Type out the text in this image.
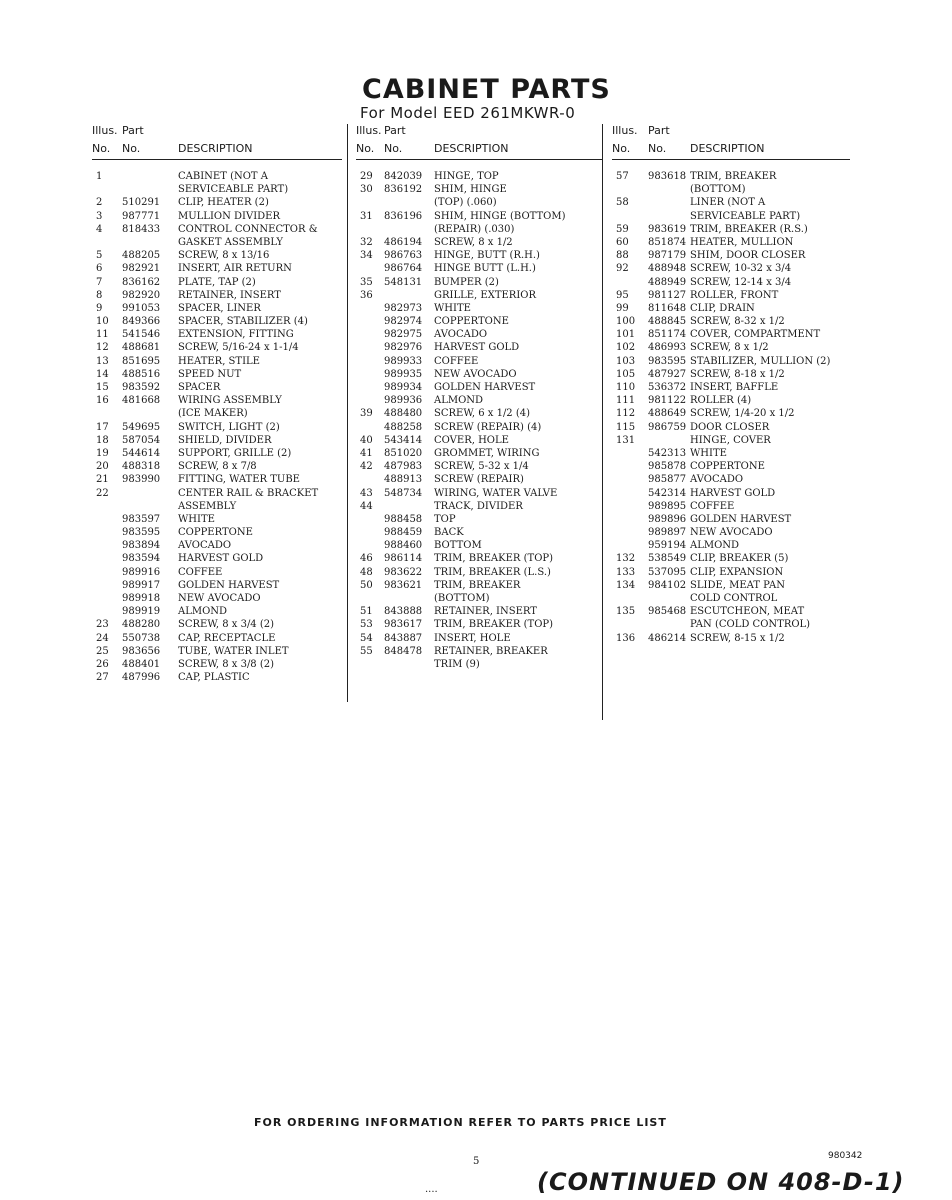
CABINET PARTS
For Model EED 261MKWR-0
Illus. Part
No. No.	DESCRIPTION
1	CABINET (NOT A
SERVICEABLE PART)
2 510291 CLIP, HEATER (2)
3 987771 MULLION DIVIDER
4 818433 CONTROL CONNECTOR &
GASKET ASSEMBLY
5 488205 SCREW, 8 x 13/16
6 982921 INSERT, AIR RETURN
7 836162 PLATE, TAP (2)
8 982920 RETAINER, INSERT
9 991053 SPACER, LINER
10 849366 SPACER, STABILIZER (4)
11 541546 EXTENSION, FITTING
12 488681 SCREW, 5/16-24 x 1-1/4
13 851695 HEATER, STILE
14 488516 SPEED NUT
15 983592 SPACER
16 481668 WIRING ASSEMBLY
(ICE MAKER)
17 549695 SWITCH, LIGHT (2)
18 587054 SHIELD, DIVIDER
19 544614 SUPPORT, GRILLE (2)
20 488318 SCREW, 8 x 7/8
21 983990 FITTING, WATER TUBE
22	CENTER RAIL & BRACKET
ASSEMBLY
983597 WHITE
983595 COPPERTONE
983894 AVOCADO
983594 HARVEST GOLD
989916 COFFEE
989917 GOLDEN HARVEST
989918 NEW AVOCADO
989919 ALMOND
23 488280 SCREW, 8 x 3/4 (2)
24 550738 CAP, RECEPTACLE
25 983656 TUBE, WATER INLET
26 488401 SCREW, 8 x 3/8 (2)
27 487996 CAP, PLASTIC
Illus. Part
No. No.	DESCRIPTION
29 842039 HINGE, TOP
30 836192 SHIM, HINGE
(TOP) (.060)
31 836196 SHIM, HINGE (BOTTOM)
(REPAIR) (.030)
32 486194 SCREW, 8 x 1/2
34 986763 HINGE, BUTT (R.H.)
986764 HINGE BUTT (L.H.)
35 548131 BUMPER (2)
36	GRILLE, EXTERIOR
982973 WHITE
982974 COPPERTONE
982975 AVOCADO
982976 HARVEST GOLD
989933 COFFEE
989935 NEW AVOCADO
989934 GOLDEN HARVEST
989936 ALMOND
39 488480 SCREW, 6 x 1/2 (4)
488258 SCREW (REPAIR) (4)
40 543414 COVER, HOLE
41 851020 GROMMET, WIRING
42 487983 SCREW, 5-32 x 1/4
488913 SCREW (REPAIR)
43 548734 WIRING, WATER VALVE
44	TRACK, DIVIDER
988458 TOP
988459 BACK
988460 BOTTOM
46 986114 TRIM, BREAKER (TOP)
48 983622 TRIM, BREAKER (L.S.)
50 983621 TRIM, BREAKER
(BOTTOM)
51 843888 RETAINER, INSERT
53 983617 TRIM, BREAKER (TOP)
54 843887 INSERT, HOLE
55 848478 RETAINER, BREAKER
TRIM (9)
Illus. Part
No. No. DESCRIPTION
57 983618 TRIM, BREAKER
(BOTTOM)
58	LINER (NOT A
SERVICEABLE PART)
59 983619 TRIM, BREAKER (R.S.)
60 851874 HEATER, MULLION
88 987179 SHIM, DOOR CLOSER
92 488948 SCREW, 10-32 x 3/4
488949 SCREW, 12-14 x 3/4
95 981127 ROLLER, FRONT
99 811648 CLIP, DRAIN
100 488845 SCREW, 8-32 x 1/2
101 851174 COVER, COMPARTMENT
102 486993 SCREW, 8 x 1/2
103 983595 STABILIZER, MULLION (2)
105 487927 SCREW, 8-18 x 1/2
110 536372 INSERT, BAFFLE
111 981122 ROLLER (4)
112 488649 SCREW, 1/4-20 x 1/2
115 986759 DOOR CLOSER
131	HINGE, COVER
542313 WHITE
985878 COPPERTONE
985877 AVOCADO
542314 HARVEST GOLD
989895 COFFEE
989896 GOLDEN HARVEST
989897 NEW AVOCADO
959194 ALMOND
132 538549 CLIP, BREAKER (5)
133 537095 CLIP, EXPANSION
134 984102 SLIDE, MEAT PAN
COLD CONTROL
135 985468 ESCUTCHEON, MEAT
PAN (COLD CONTROL)
136 486214 SCREW, 8-15 x 1/2
FOR ORDERING INFORMATION REFER TO PARTS PRICE LIST
5	980342
....	(CONTINUED ON 408-D-1)
